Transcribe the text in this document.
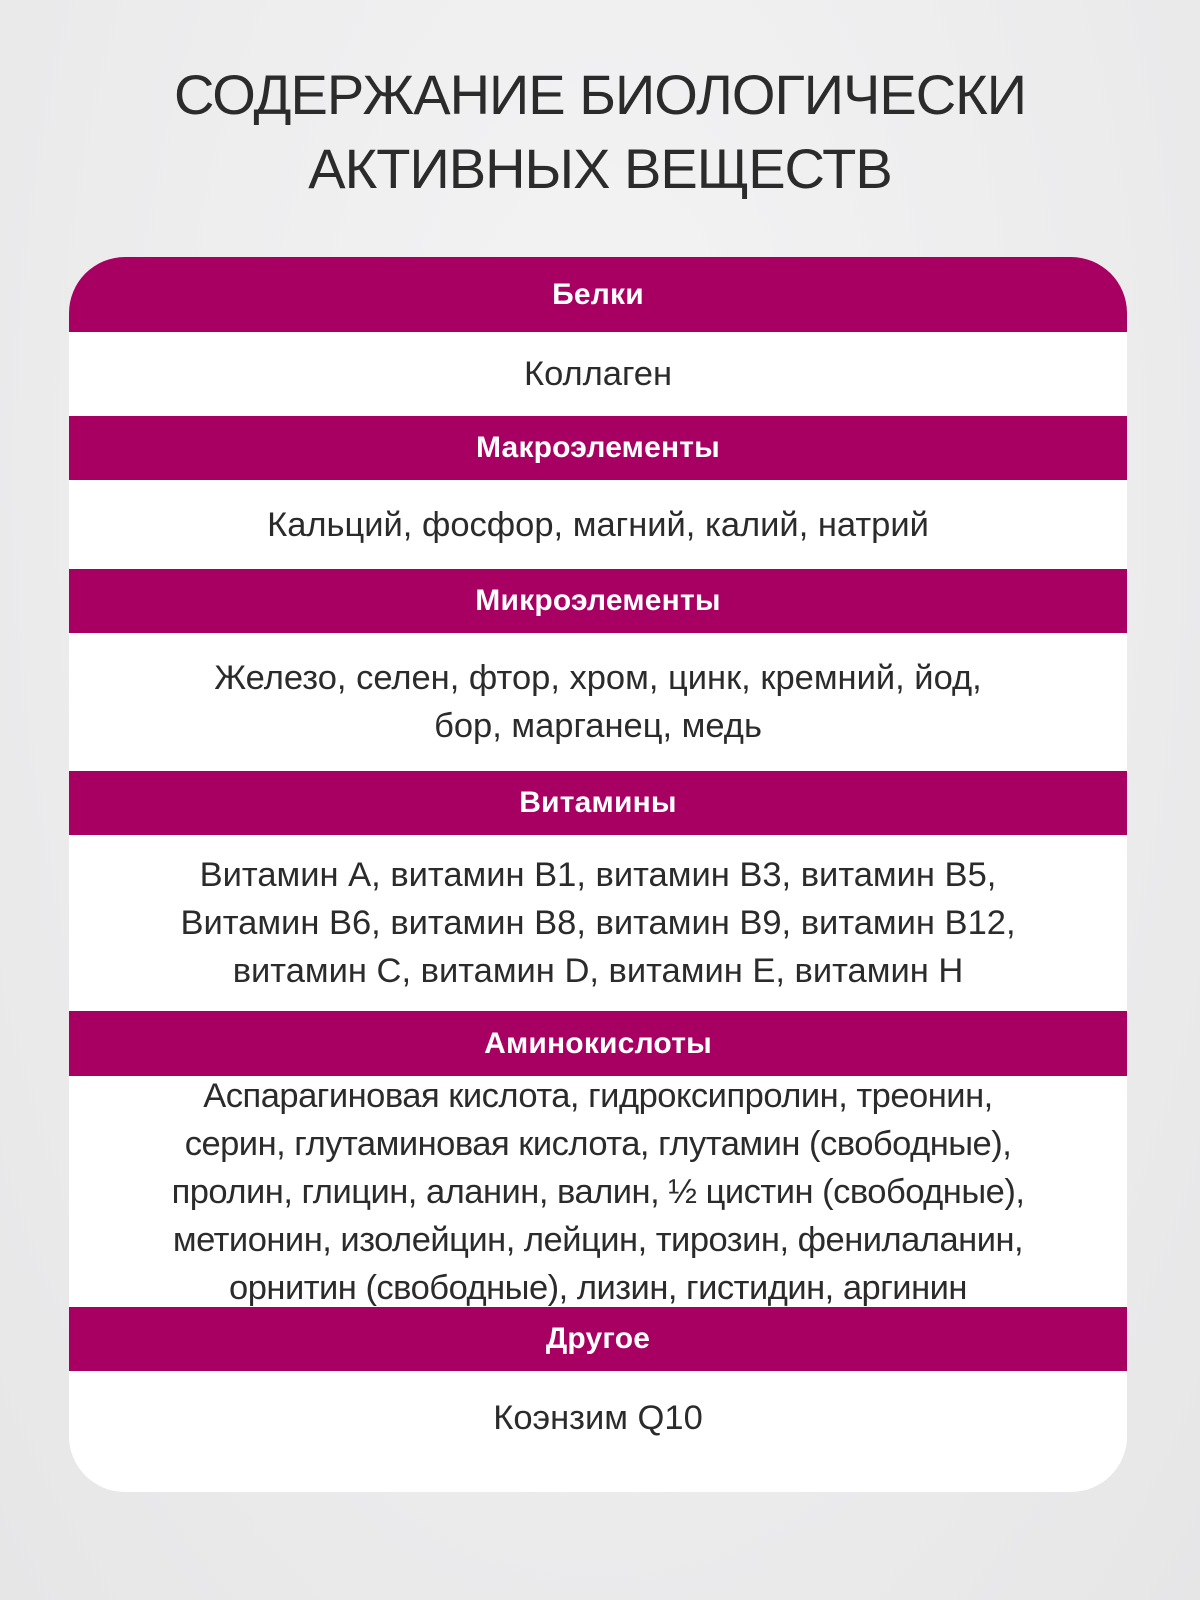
СОДЕРЖАНИЕ БИОЛОГИЧЕСКИ
АКТИВНЫХ ВЕЩЕСТВ
Белки
Коллаген
Макроэлементы
Кальций, фосфор, магний, калий, натрий
Микроэлементы
Железо, селен, фтор, хром, цинк, кремний, йод,
бор, марганец, медь
Витамины
Витамин A, витамин B1, витамин B3, витамин B5,
Витамин B6, витамин B8, витамин B9, витамин B12,
витамин C, витамин D, витамин E, витамин H
Аминокислоты
Аспарагиновая кислота, гидроксипролин, треонин,
серин, глутаминовая кислота, глутамин (свободные),
пролин, глицин, аланин, валин, ½ цистин (свободные),
метионин, изолейцин, лейцин, тирозин, фенилаланин,
орнитин (свободные), лизин, гистидин, аргинин
Другое
Коэнзим Q10
